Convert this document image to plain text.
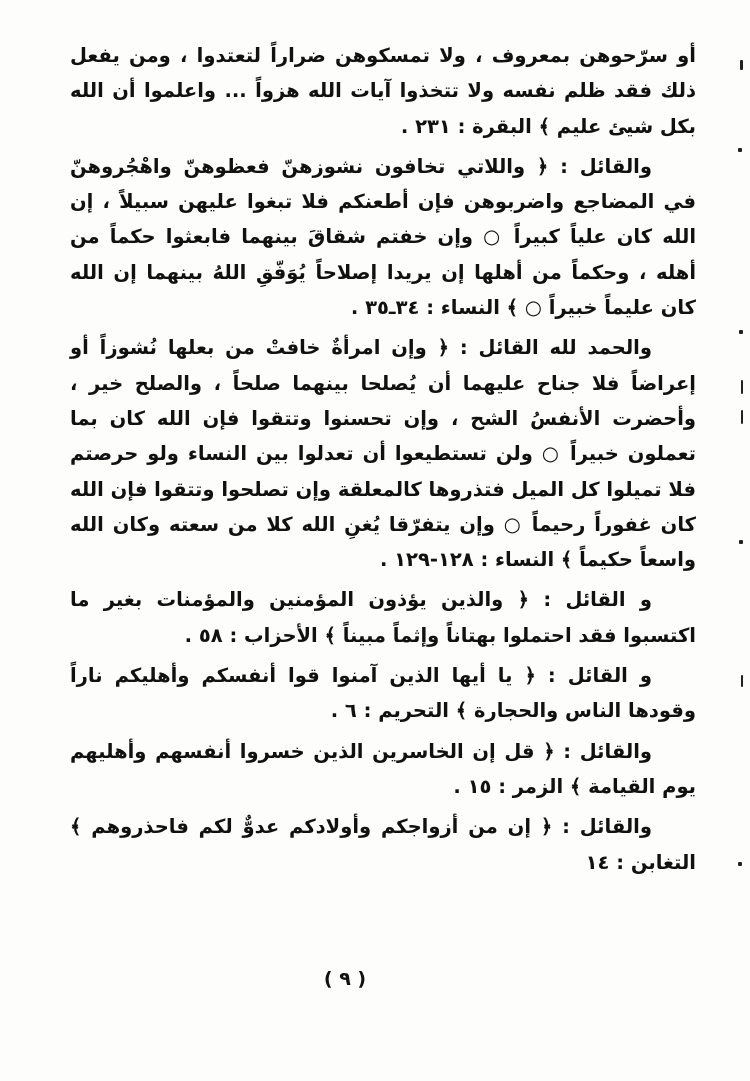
أو سرّحوهن بمعروف ، ولا تمسكوهن ضراراً لتعتدوا ، ومن يفعل ذلك فقد ظلم نفسه ولا تتخذوا آيات الله هزواً ... واعلموا أن الله بكل شيئ عليم ﴾ البقرة : ٢٣١ .

والقائل : ﴿ واللاتي تخافون نشوزهنّ فعظوهنّ واهْجُروهنّ في المضاجع واضربوهن فإن أطعنكم فلا تبغوا عليهن سبيلاً ، إن الله كان علياً كبيراً ○ وإن خفتم شقاقَ بينهما فابعثوا حكماً من أهله ، وحكماً من أهلها إن يريدا إصلاحاً يُوَفّقِ اللهُ بينهما إن الله كان عليماً خبيراً ○ ﴾ النساء : ٣٤ـ٣٥ .

والحمد لله القائل : ﴿ وإن امرأةٌ خافتْ من بعلها نُشوزاً أو إعراضاً فلا جناح عليهما أن يُصلحا بينهما صلحاً ، والصلح خير ، وأحضرت الأنفسُ الشح ، وإن تحسنوا وتتقوا فإن الله كان بما تعملون خبيراً ○ ولن تستطيعوا أن تعدلوا بين النساء ولو حرصتم فلا تميلوا كل الميل فتذروها كالمعلقة وإن تصلحوا وتتقوا فإن الله كان غفوراً رحيماً ○ وإن يتفرّقا يُغنِ الله كلا من سعته وكان الله واسعاً حكيماً ﴾ النساء : ١٢٨-١٢٩ .

و القائل : ﴿ والذين يؤذون المؤمنين والمؤمنات بغير ما اكتسبوا فقد احتملوا بهتاناً وإثماً مبيناً ﴾ الأحزاب : ٥٨ .

و القائل : ﴿ يا أيها الذين آمنوا قوا أنفسكم وأهليكم ناراً وقودها الناس والحجارة ﴾ التحريم : ٦ .

والقائل : ﴿ قل إن الخاسرين الذين خسروا أنفسهم وأهليهم يوم القيامة ﴾ الزمر : ١٥ .

والقائل : ﴿ إن من أزواجكم وأولادكم عدوٌّ لكم فاحذروهم ﴾ التغابن : ١٤

( ٩ )
